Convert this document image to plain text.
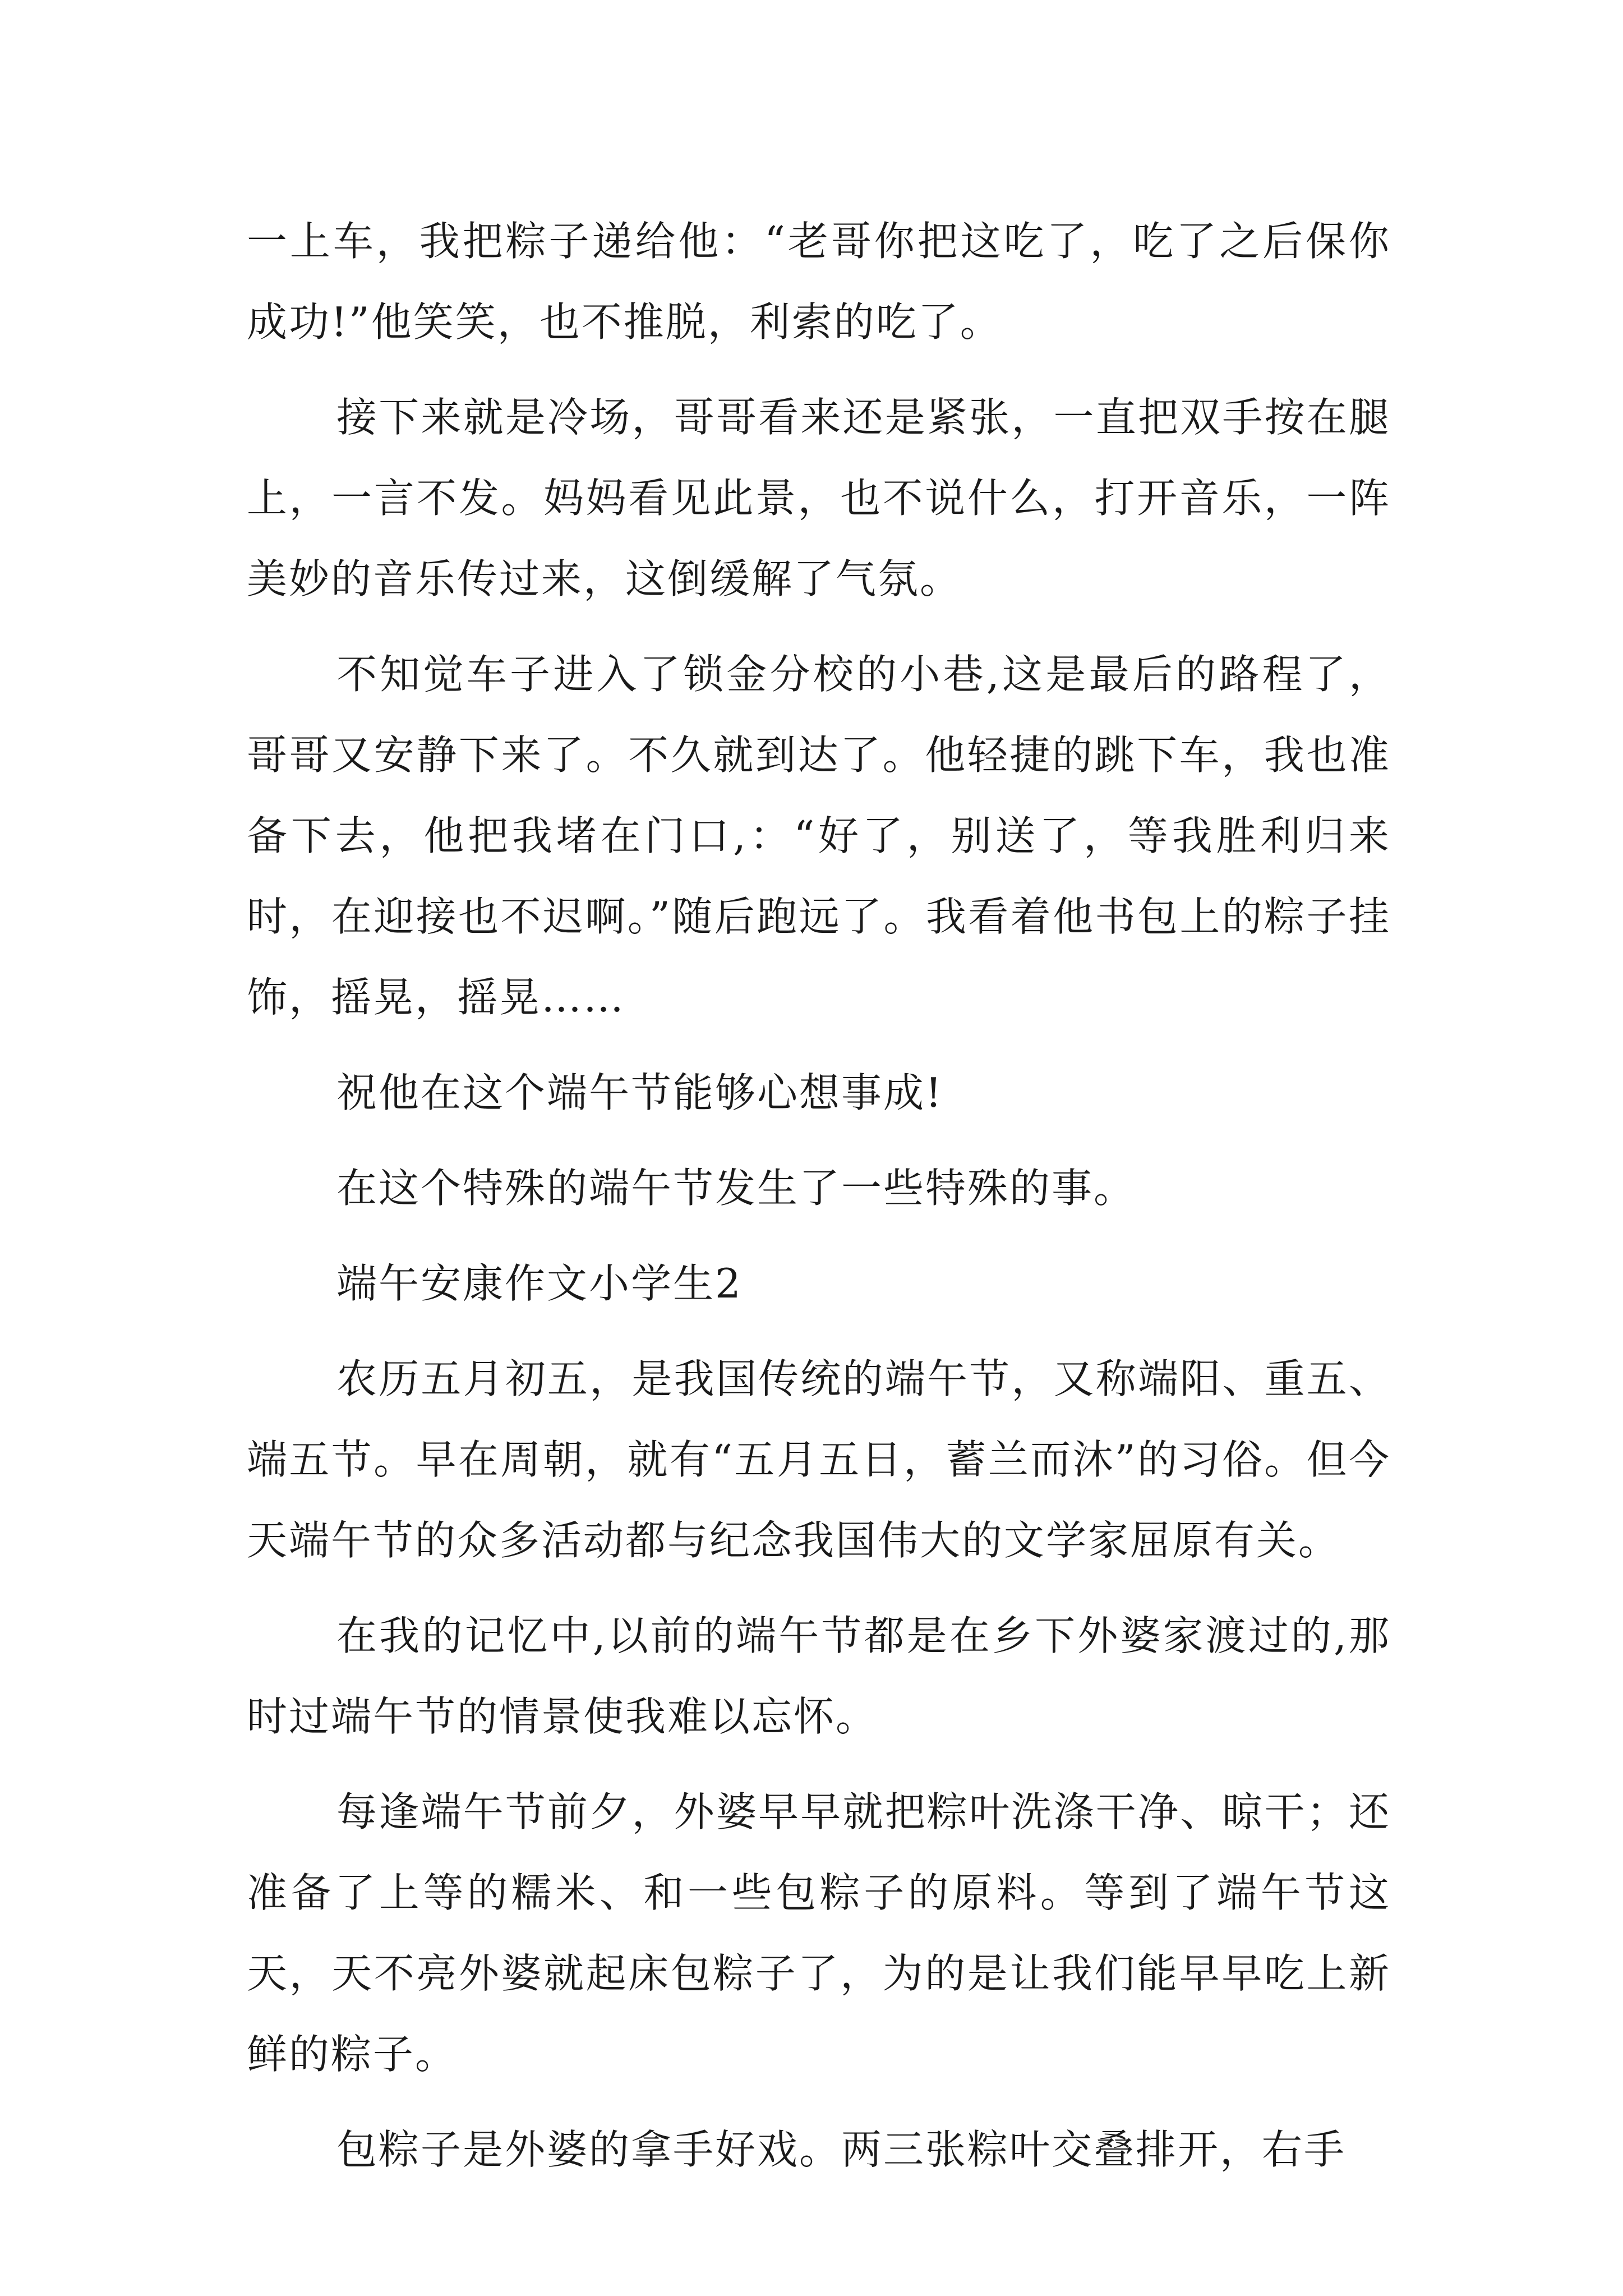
一上车，我把粽子递给他：“老哥你把这吃了，吃了之后保你成功!”他笑笑，也不推脱，利索的吃了。

接下来就是冷场，哥哥看来还是紧张，一直把双手按在腿上，一言不发。妈妈看见此景，也不说什么，打开音乐，一阵美妙的音乐传过来，这倒缓解了气氛。

不知觉车子进入了锁金分校的小巷,这是最后的路程了，哥哥又安静下来了。不久就到达了。他轻捷的跳下车，我也准备下去，他把我堵在门口,：“好了，别送了，等我胜利归来时，在迎接也不迟啊。”随后跑远了。我看着他书包上的粽子挂饰，摇晃，摇晃……

祝他在这个端午节能够心想事成!

在这个特殊的端午节发生了一些特殊的事。

端午安康作文小学生2

农历五月初五，是我国传统的端午节，又称端阳、重五、端五节。早在周朝，就有“五月五日，蓄兰而沐”的习俗。但今天端午节的众多活动都与纪念我国伟大的文学家屈原有关。

在我的记忆中,以前的端午节都是在乡下外婆家渡过的,那时过端午节的情景使我难以忘怀。

每逢端午节前夕，外婆早早就把粽叶洗涤干净、晾干；还准备了上等的糯米、和一些包粽子的原料。等到了端午节这天，天不亮外婆就起床包粽子了，为的是让我们能早早吃上新鲜的粽子。

包粽子是外婆的拿手好戏。两三张粽叶交叠排开，右手
